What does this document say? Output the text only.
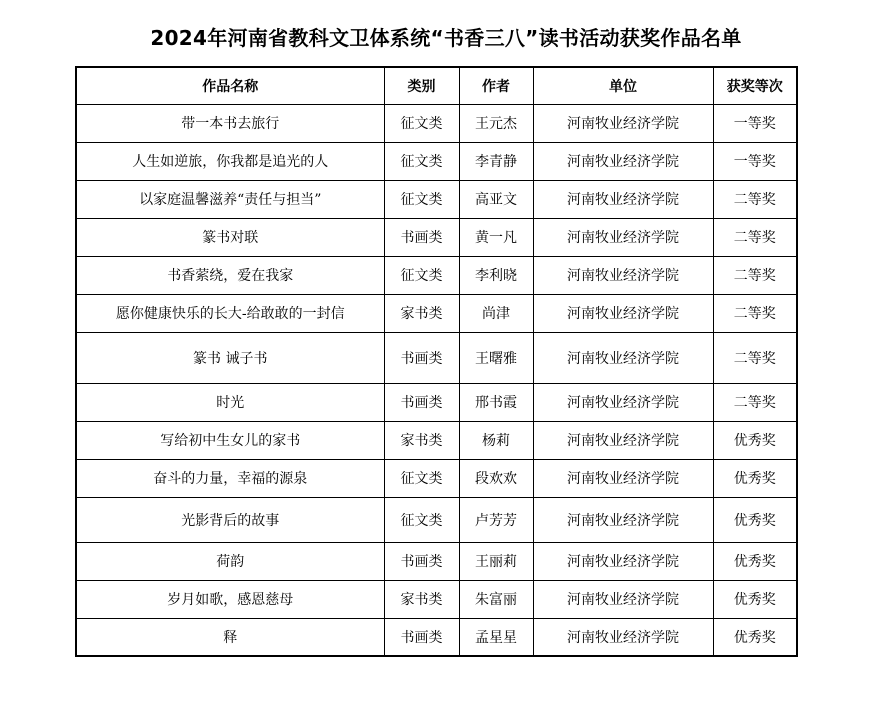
2024年河南省教科文卫体系统“书香三八”读书活动获奖作品名单
作品名称	类别	作者	单位	获奖等次
带一本书去旅行	征文类	王元杰	河南牧业经济学院	一等奖
人生如逆旅，你我都是追光的人	征文类	李青静	河南牧业经济学院	一等奖
以家庭温馨滋养“责任与担当”	征文类	高亚文	河南牧业经济学院	二等奖
篆书对联	书画类	黄一凡	河南牧业经济学院	二等奖
书香萦绕，爱在我家	征文类	李利晓	河南牧业经济学院	二等奖
愿你健康快乐的长大-给敢敢的一封信	家书类	尚津	河南牧业经济学院	二等奖
篆书 诫子书	书画类	王曙雅	河南牧业经济学院	二等奖
时光	书画类	邢书霞	河南牧业经济学院	二等奖
写给初中生女儿的家书	家书类	杨莉	河南牧业经济学院	优秀奖
奋斗的力量，幸福的源泉	征文类	段欢欢	河南牧业经济学院	优秀奖
光影背后的故事	征文类	卢芳芳	河南牧业经济学院	优秀奖
荷韵	书画类	王丽莉	河南牧业经济学院	优秀奖
岁月如歌，感恩慈母	家书类	朱富丽	河南牧业经济学院	优秀奖
释	书画类	孟星星	河南牧业经济学院	优秀奖
